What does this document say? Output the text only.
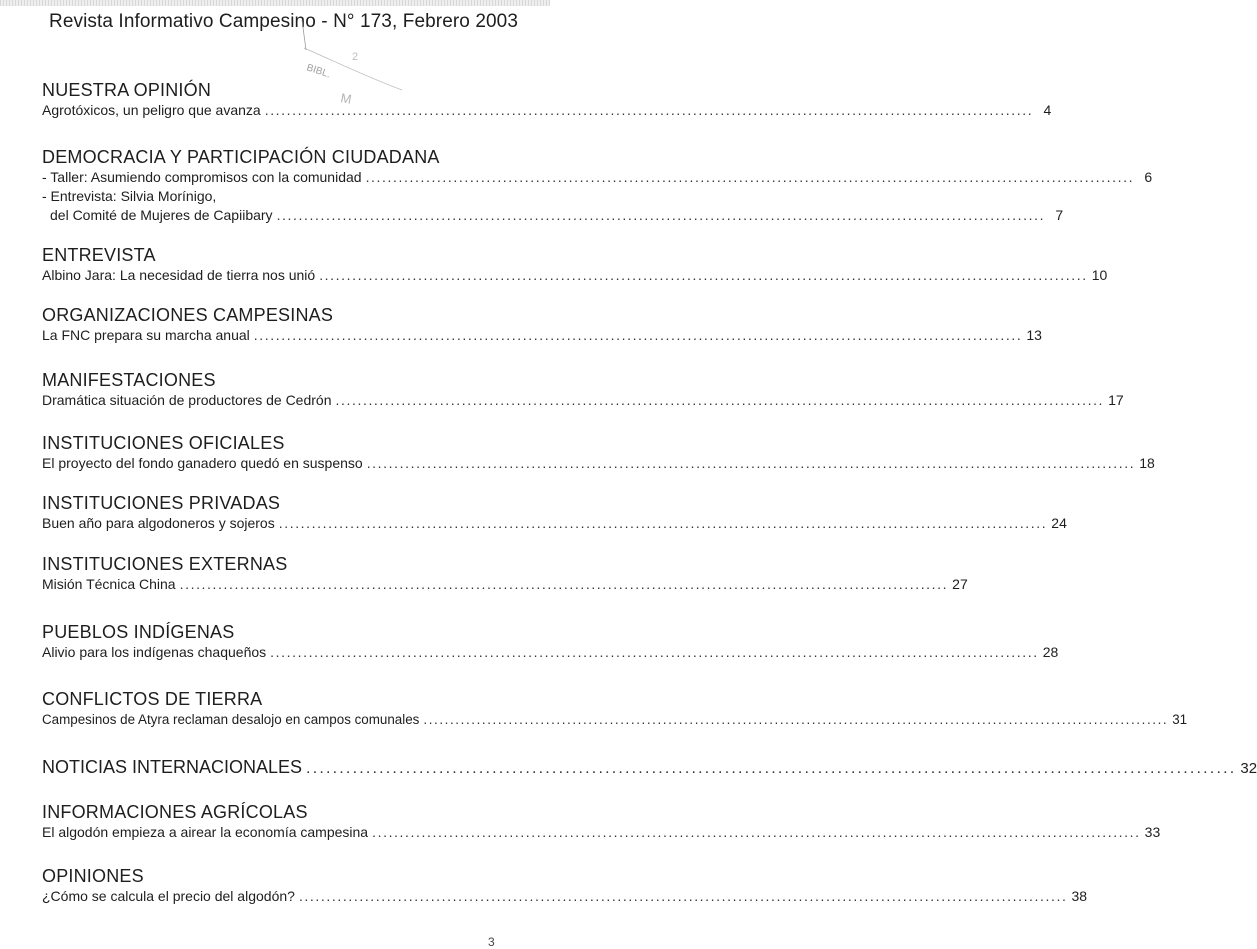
Revista Informativo Campesino - N° 173, Febrero 2003
BIBL.
M
2
NUESTRA OPINIÓN
Agrotóxicos, un peligro que avanza ............................................................................................................................................ 4
DEMOCRACIA Y PARTICIPACIÓN CIUDADANA
- Taller: Asumiendo compromisos con la comunidad ............................................................................................................................................ 6
- Entrevista: Silvia Morínigo,
del Comité de Mujeres de Capiibary ............................................................................................................................................ 7
ENTREVISTA
Albino Jara: La necesidad de tierra nos unió ............................................................................................................................................ 10
ORGANIZACIONES CAMPESINAS
La FNC prepara su marcha anual ............................................................................................................................................ 13
MANIFESTACIONES
Dramática situación de productores de Cedrón ............................................................................................................................................ 17
INSTITUCIONES OFICIALES
El proyecto del fondo ganadero quedó en suspenso ............................................................................................................................................ 18
INSTITUCIONES PRIVADAS
Buen año para algodoneros y sojeros ............................................................................................................................................ 24
INSTITUCIONES EXTERNAS
Misión Técnica China ............................................................................................................................................ 27
PUEBLOS INDÍGENAS
Alivio para los indígenas chaqueños ............................................................................................................................................ 28
CONFLICTOS DE TIERRA
Campesinos de Atyra reclaman desalojo en campos comunales ............................................................................................................................................ 31
NOTICIAS INTERNACIONALES ............................................................................................................................................ 32
INFORMACIONES AGRÍCOLAS
El algodón empieza a airear la economía campesina ............................................................................................................................................ 33
OPINIONES
¿Cómo se calcula el precio del algodón? ............................................................................................................................................ 38
3
